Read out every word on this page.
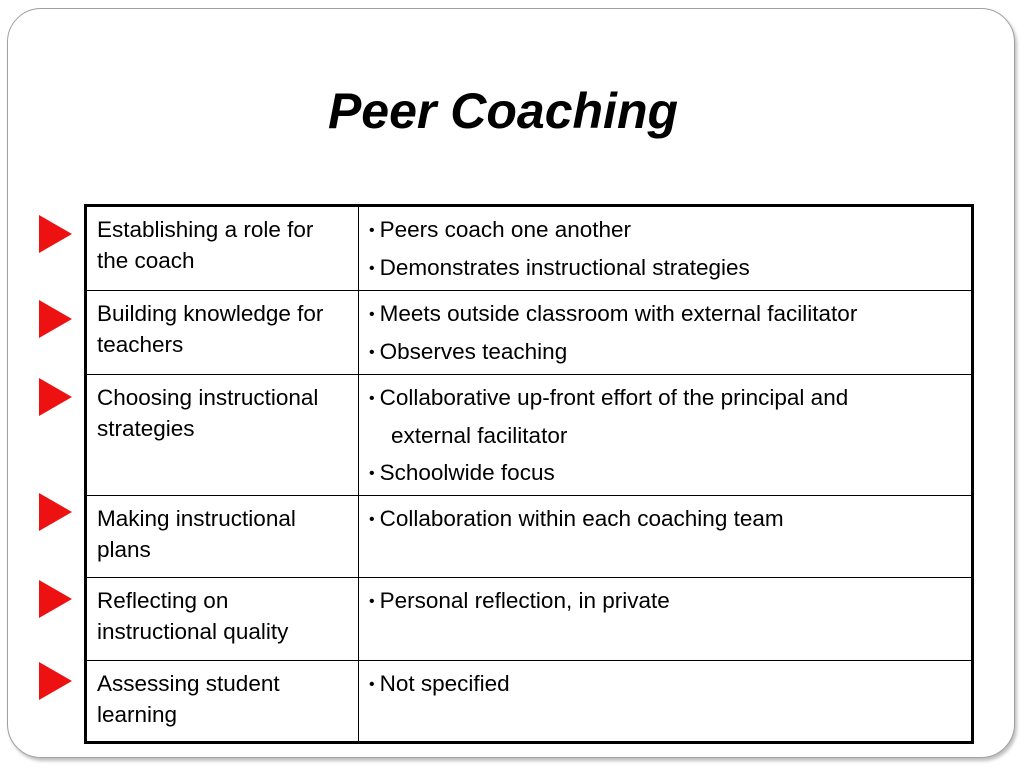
Peer Coaching
Establishing a role for the coach	• Peers coach one another
• Demonstrates instructional strategies

Building knowledge for teachers	• Meets outside classroom with external facilitator
• Observes teaching

Choosing instructional strategies	• Collaborative up-front effort of the principal and
external facilitator
• Schoolwide focus

Making instructional plans	• Collaboration within each coaching team

Reflecting on instructional quality	• Personal reflection, in private

Assessing student learning	• Not specified
